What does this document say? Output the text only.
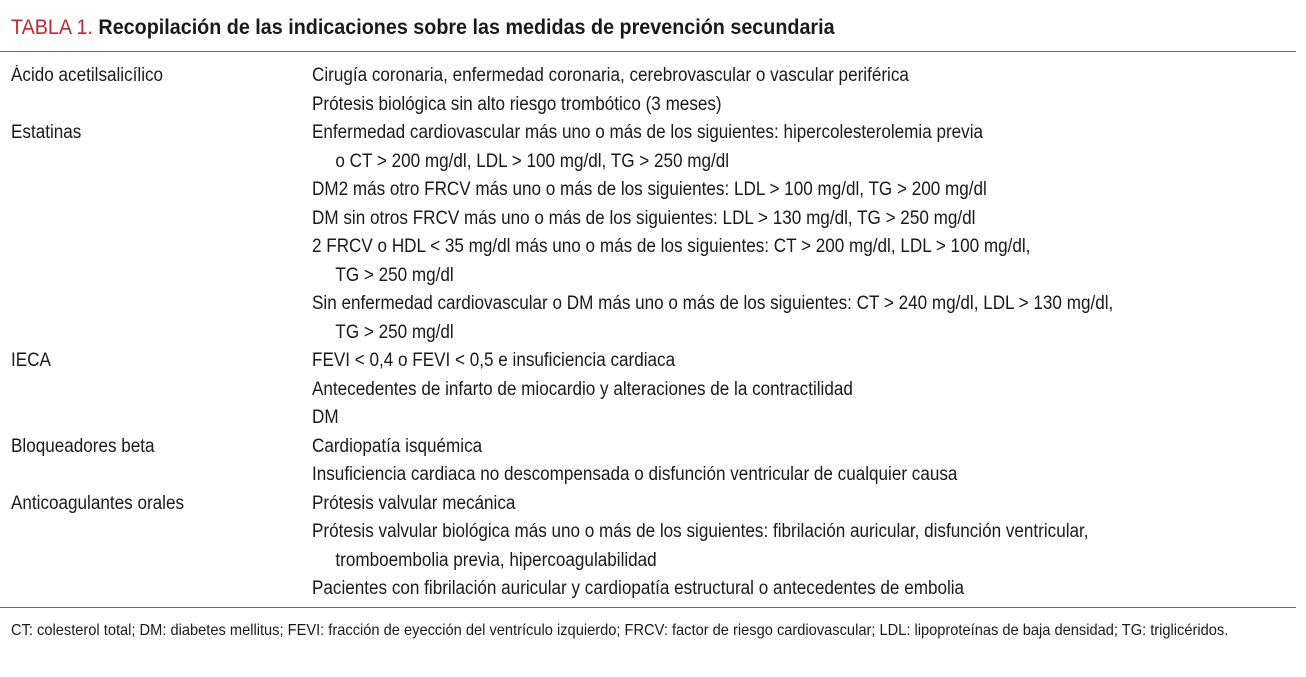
TABLA 1. Recopilación de las indicaciones sobre las medidas de prevención secundaria
Ácido acetilsalicílico	Cirugía coronaria, enfermedad coronaria, cerebrovascular o vascular periférica
Prótesis biológica sin alto riesgo trombótico (3 meses)
Estatinas	Enfermedad cardiovascular más uno o más de los siguientes: hipercolesterolemia previa
o CT > 200 mg/dl, LDL > 100 mg/dl, TG > 250 mg/dl
DM2 más otro FRCV más uno o más de los siguientes: LDL > 100 mg/dl, TG > 200 mg/dl
DM sin otros FRCV más uno o más de los siguientes: LDL > 130 mg/dl, TG > 250 mg/dl
2 FRCV o HDL < 35 mg/dl más uno o más de los siguientes: CT > 200 mg/dl, LDL > 100 mg/dl,
TG > 250 mg/dl
Sin enfermedad cardiovascular o DM más uno o más de los siguientes: CT > 240 mg/dl, LDL > 130 mg/dl,
TG > 250 mg/dl
IECA	FEVI < 0,4 o FEVI < 0,5 e insuficiencia cardiaca
Antecedentes de infarto de miocardio y alteraciones de la contractilidad
DM
Bloqueadores beta	Cardiopatía isquémica
Insuficiencia cardiaca no descompensada o disfunción ventricular de cualquier causa
Anticoagulantes orales	Prótesis valvular mecánica
Prótesis valvular biológica más uno o más de los siguientes: fibrilación auricular, disfunción ventricular,
tromboembolia previa, hipercoagulabilidad
Pacientes con fibrilación auricular y cardiopatía estructural o antecedentes de embolia
CT: colesterol total; DM: diabetes mellitus; FEVI: fracción de eyección del ventrículo izquierdo; FRCV: factor de riesgo cardiovascular; LDL: lipoproteínas de baja densidad; TG: triglicéridos.
